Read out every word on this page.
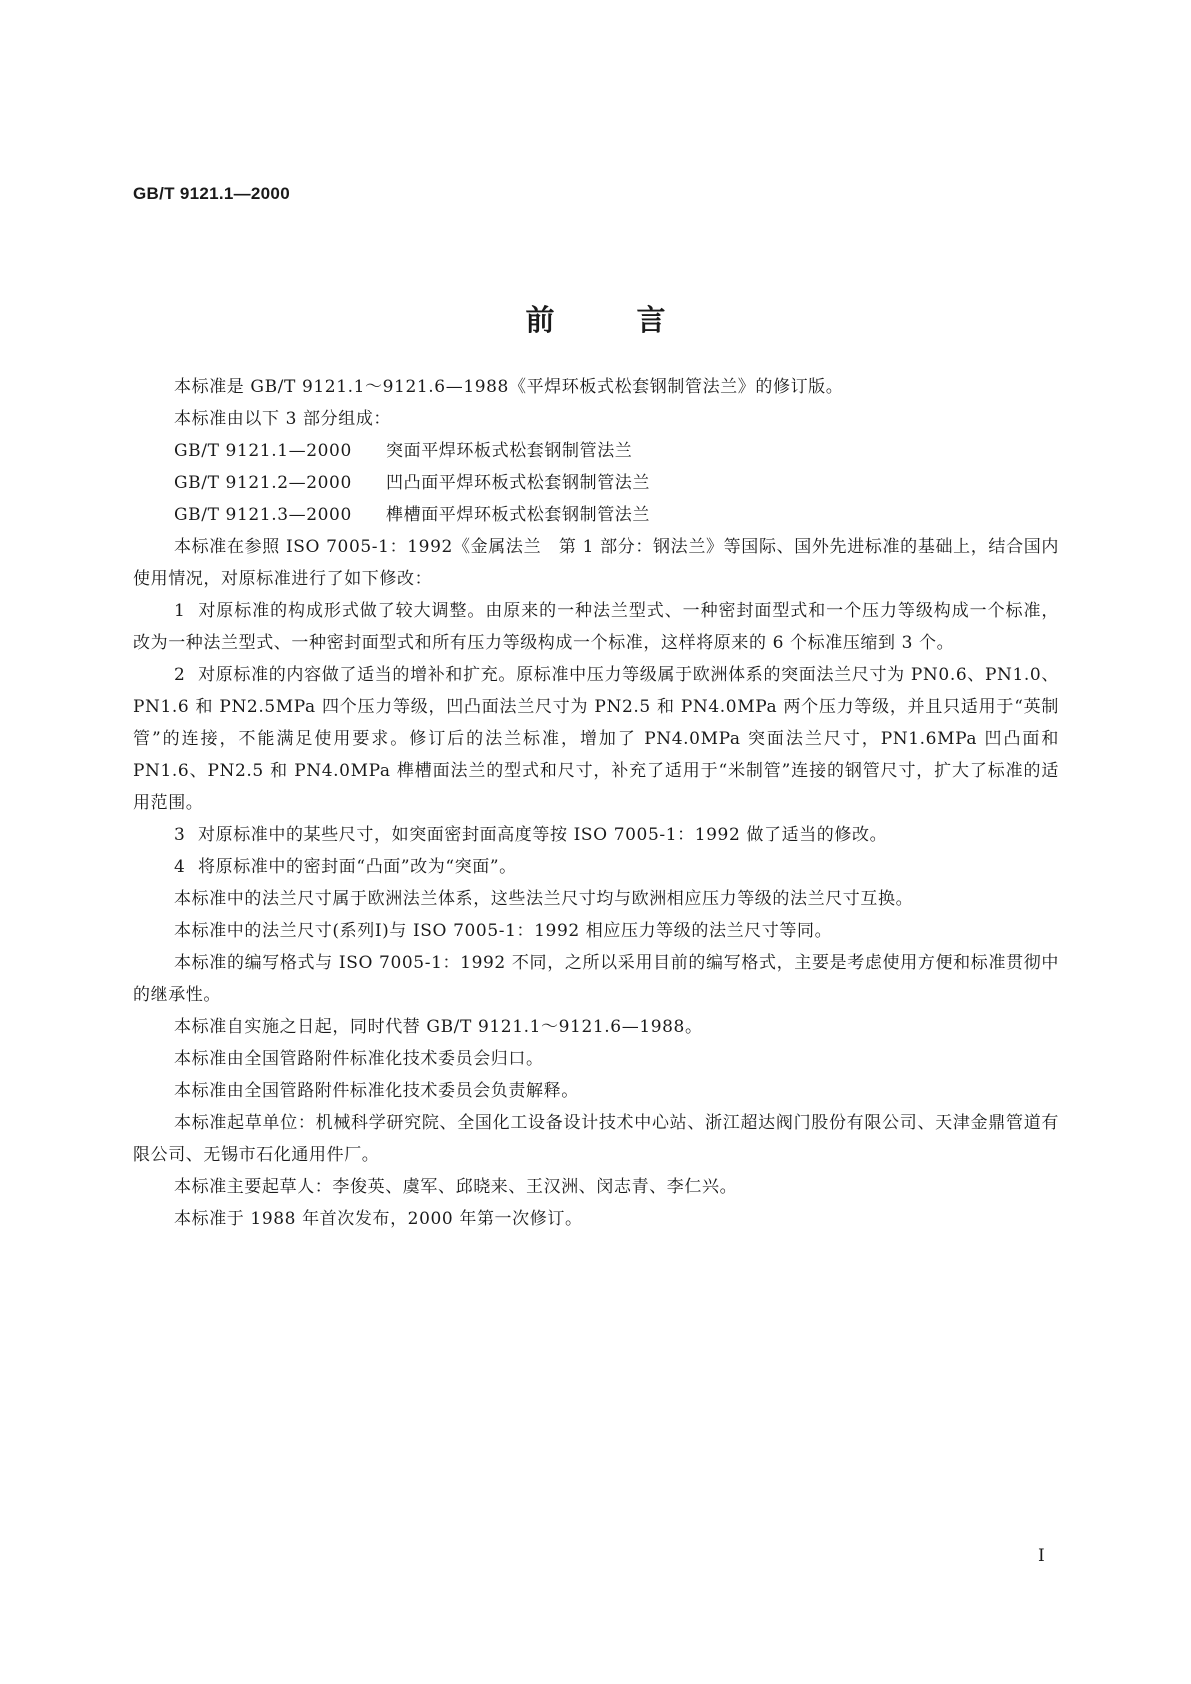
GB/T 9121.1—2000
前	言

本标准是 GB/T 9121.1～9121.6—1988《平焊环板式松套钢制管法兰》的修订版。

本标准由以下 3 部分组成：

GB/T 9121.1—2000	突面平焊环板式松套钢制管法兰
GB/T 9121.2—2000	凹凸面平焊环板式松套钢制管法兰
GB/T 9121.3—2000	榫槽面平焊环板式松套钢制管法兰

本标准在参照 ISO 7005-1：1992《金属法兰　第 1 部分：钢法兰》等国际、国外先进标准的基础上，结合国内使用情况，对原标准进行了如下修改：

1 对原标准的构成形式做了较大调整。由原来的一种法兰型式、一种密封面型式和一个压力等级构成一个标准，改为一种法兰型式、一种密封面型式和所有压力等级构成一个标准，这样将原来的 6 个标准压缩到 3 个。

2 对原标准的内容做了适当的增补和扩充。原标准中压力等级属于欧洲体系的突面法兰尺寸为 PN0.6、PN1.0、PN1.6 和 PN2.5MPa 四个压力等级，凹凸面法兰尺寸为 PN2.5 和 PN4.0MPa 两个压力等级，并且只适用于“英制管”的连接，不能满足使用要求。修订后的法兰标准，增加了 PN4.0MPa 突面法兰尺寸，PN1.6MPa 凹凸面和 PN1.6、PN2.5 和 PN4.0MPa 榫槽面法兰的型式和尺寸，补充了适用于“米制管”连接的钢管尺寸，扩大了标准的适用范围。

3 对原标准中的某些尺寸，如突面密封面高度等按 ISO 7005-1：1992 做了适当的修改。

4 将原标准中的密封面“凸面”改为“突面”。

本标准中的法兰尺寸属于欧洲法兰体系，这些法兰尺寸均与欧洲相应压力等级的法兰尺寸互换。

本标准中的法兰尺寸(系列Ⅰ)与 ISO 7005-1：1992 相应压力等级的法兰尺寸等同。

本标准的编写格式与 ISO 7005-1：1992 不同，之所以采用目前的编写格式，主要是考虑使用方便和标准贯彻中的继承性。

本标准自实施之日起，同时代替 GB/T 9121.1～9121.6—1988。

本标准由全国管路附件标准化技术委员会归口。

本标准由全国管路附件标准化技术委员会负责解释。

本标准起草单位：机械科学研究院、全国化工设备设计技术中心站、浙江超达阀门股份有限公司、天津金鼎管道有限公司、无锡市石化通用件厂。

本标准主要起草人：李俊英、虞军、邱晓来、王汉洲、闵志青、李仁兴。

本标准于 1988 年首次发布，2000 年第一次修订。

I
